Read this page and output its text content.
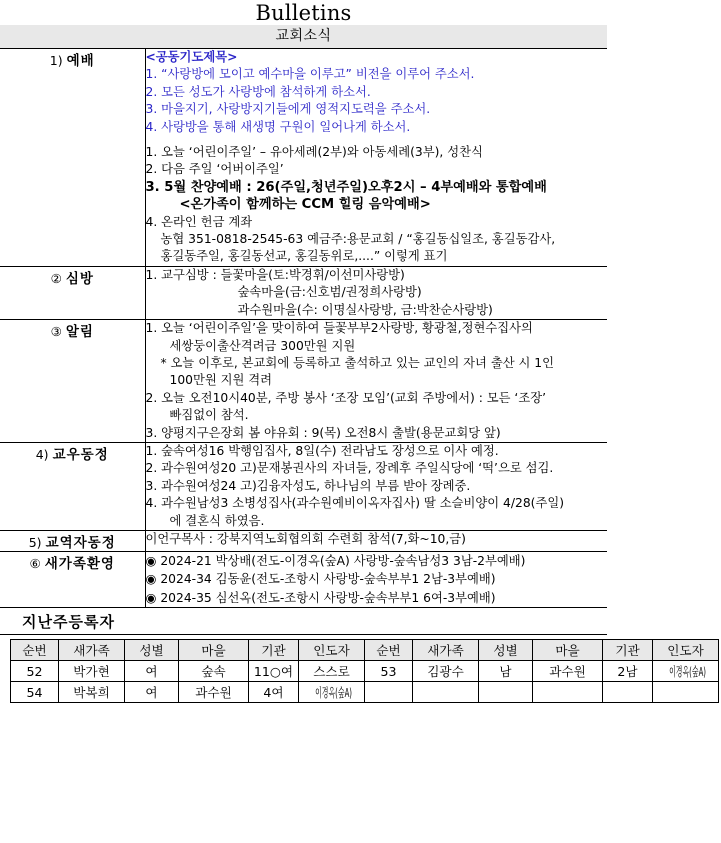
Bulletins
교회소식
1) 예배	<공동기도제목>
1. “사랑방에 모이고 예수마을 이루고” 비전을 이루어 주소서.
2. 모든 성도가 사랑방에 참석하게 하소서.
3. 마을지기, 사랑방지기들에게 영적지도력을 주소서.
4. 사랑방을 통해 새생명 구원이 일어나게 하소서.
1. 오늘 ‘어린이주일’ – 유아세례(2부)와 아동세례(3부), 성찬식
2. 다음 주일 ‘어버이주일’
3. 5월 찬양예배 : 26(주일,청년주일)오후2시 – 4부예배와 통합예배
<온가족이 함께하는 CCM 힐링 음악예배>
4. 온라인 헌금 계좌
농협 351-0818-2545-63 예금주:용문교회 / “홍길동십일조, 홍길동감사,
홍길동주일, 홍길동선교, 홍길동위로,....” 이렇게 표기

② 심방	1. 교구심방 : 들꽃마을(토:박경휘/이선미사랑방)
숲속마을(금:신호범/권정희사랑방)
과수원마을(수: 이명실사랑방, 금:박찬순사랑방)

③ 알림	1. 오늘 ‘어린이주일’을 맞이하여 들꽃부부2사랑방, 황광철,정현수집사의
세쌍둥이출산격려금 300만원 지원
* 오늘 이후로, 본교회에 등록하고 출석하고 있는 교인의 자녀 출산 시 1인
100만원 지원 격려
2. 오늘 오전10시40분, 주방 봉사 ‘조장 모임’(교회 주방에서) : 모든 ‘조장’
빠짐없이 참석.
3. 양평지구은장회 봄 야유회 : 9(목) 오전8시 출발(용문교회당 앞)

4) 교우동정	1. 숲속여성16 박행임집사, 8일(수) 전라남도 장성으로 이사 예정.
2. 과수원여성20 고)문재봉권사의 자녀들, 장례후 주일식당에 ‘떡’으로 섬김.
3. 과수원여성24 고)김융자성도, 하나님의 부름 받아 장례중.
4. 과수원남성3 소병성집사(과수원예비이옥자집사) 딸 소슬비양이 4/28(주일)
에 결혼식 하였음.

5) 교역자동정	이언구목사 : 강북지역노회협의회 수련회 참석(7,화~10,금)

⑥ 새가족환영	◉ 2024-21 박상배(전도-이경옥(숲A) 사랑방-숲속남성3 3남-2부예배)
◉ 2024-34 김동윤(전도-조항시 사랑방-숲속부부1 2남-3부예배)
◉ 2024-35 심선옥(전도-조항시 사랑방-숲속부부1 6여-3부예배)
지난주등록자
순번	새가족	성별	마을	기관	인도자	순번	새가족	성별	마을	기관	인도자
52	박가현	여	숲속	11○여	스스로	53	김광수	남	과수원	2남	이경옥(숲A)
54	박복희	여	과수원	4여	이경옥(숲A)						
